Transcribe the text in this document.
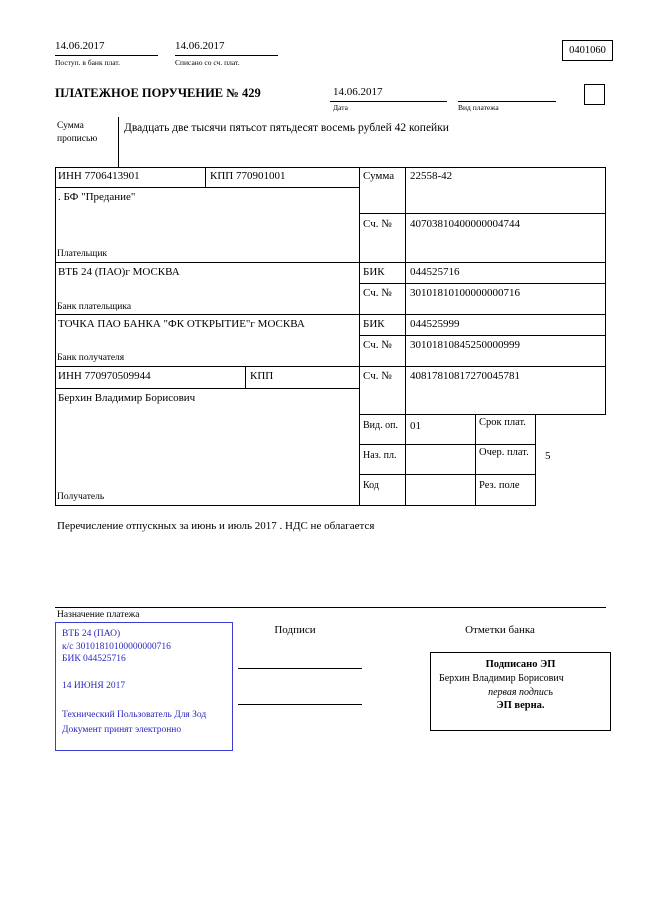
14.06.2017
Поступ. в банк плат.
14.06.2017
Списано со сч. плат.
0401060
ПЛАТЕЖНОЕ ПОРУЧЕНИЕ № 429	14.06.2017
Дата	Вид платежа
Сумма
прописью
Двадцать две тысячи пятьсот пятьдесят восемь рублей 42 копейки
ИНН 7706413901	КПП 770901001	Сумма 22558-42
. БФ "Предание"
Сч. № 40703810400000004744
Плательщик
ВТБ 24 (ПАО)г МОСКВА	БИК 044525716
Сч. № 30101810100000000716
Банк плательщика
ТОЧКА ПАО БАНКА "ФК ОТКРЫТИЕ"г МОСКВА	БИК 044525999
Сч. № 30101810845250000999
Банк получателя
ИНН 770970509944	КПП	Сч. № 40817810817270045781
Берхин Владимир Борисович
Получатель
Вид. оп. 01	Срок плат.
Наз. пл.	Очер. плат. 5
Код	Рез. поле
Перечисление отпускных за июнь и июль 2017 . НДС не облагается
Назначение платежа
Подписи	Отметки банка
ВТБ 24 (ПАО)
к/с 30101810100000000716
БИК 044525716
14 ИЮНЯ 2017
Технический Пользователь Для Зод
Документ принят электронно
Подписано ЭП
Берхин Владимир Борисович
первая подпись
ЭП верна.
